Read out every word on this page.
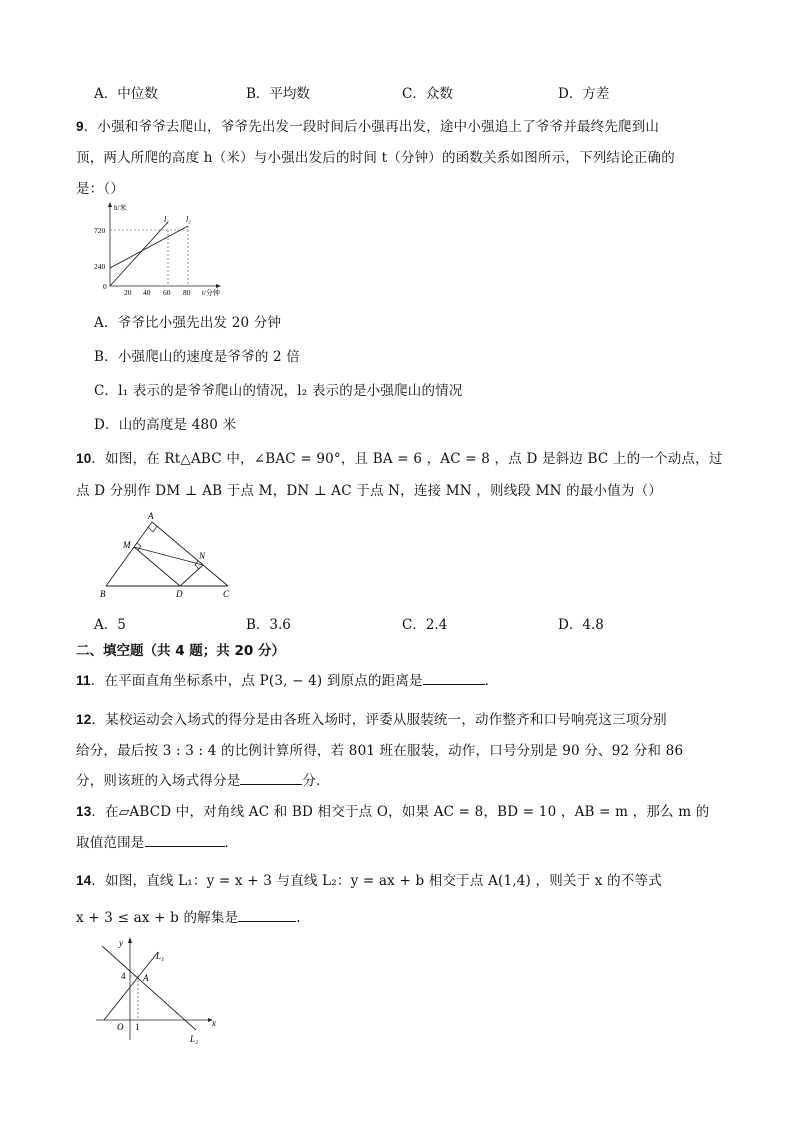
A．中位数	B．平均数	C．众数	D．方差
9．小强和爷爷去爬山，爷爷先出发一段时间后小强再出发，途中小强追上了爷爷并最终先爬到山
顶，两人所爬的高度 h（米）与小强出发后的时间 t（分钟）的函数关系如图所示，下列结论正确的
是：（）
h/米
l₁ l₂
720
240
0
20 40 60 80 t/分钟
A．爷爷比小强先出发 20 分钟
B．小强爬山的速度是爷爷的 2 倍
C．l₁ 表示的是爷爷爬山的情况，l₂ 表示的是小强爬山的情况
D．山的高度是 480 米
10．如图，在 Rt△ABC 中，∠BAC = 90°，且 BA = 6 ，AC = 8 ，点 D 是斜边 BC 上的一个动点，过
点 D 分别作 DM ⊥ AB 于点 M，DN ⊥ AC 于点 N，连接 MN ，则线段 MN 的最小值为（）
A
M
N
B	D	C
A．5	B．3.6	C．2.4	D．4.8
二、填空题（共 4 题；共 20 分）
11．在平面直角坐标系中，点 P(3, − 4) 到原点的距离是	．
12．某校运动会入场式的得分是由各班入场时，评委从服装统一，动作整齐和口号响亮这三项分别
给分，最后按 3 : 3 : 4 的比例计算所得，若 801 班在服装，动作，口号分别是 90 分、92 分和 86
分，则该班的入场式得分是	分．
13．在▱ABCD 中，对角线 AC 和 BD 相交于点 O，如果 AC = 8，BD = 10 ，AB = m ，那么 m 的
取值范围是	．
14．如图，直线 L₁：y = x + 3 与直线 L₂：y = ax + b 相交于点 A(1,4) ，则关于 x 的不等式
x + 3 ≤ ax + b 的解集是	.
y
L₁
4 A
O 1	x
L₂
